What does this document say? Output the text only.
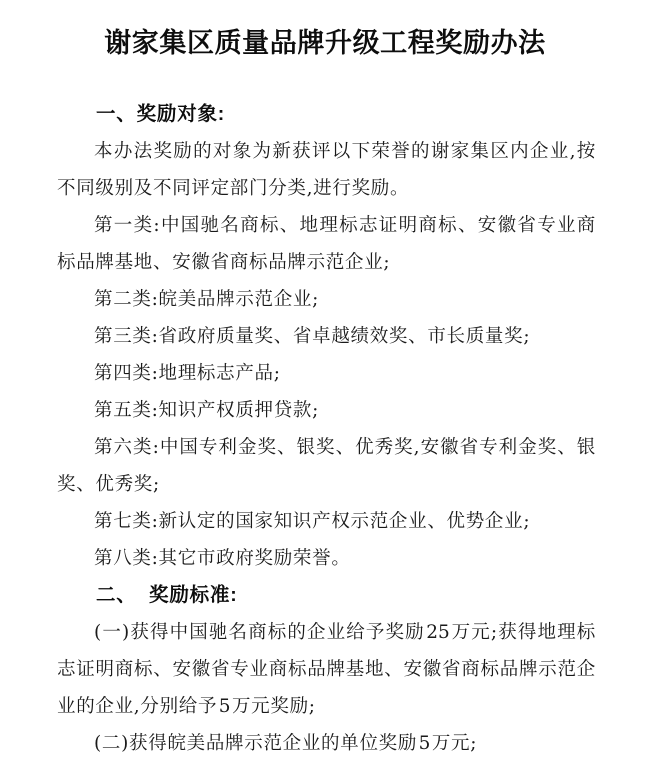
谢家集区质量品牌升级工程奖励办法

一、奖励对象:

本办法奖励的对象为新获评以下荣誉的谢家集区内企业,按不同级别及不同评定部门分类,进行奖励。

第一类:中国驰名商标、地理标志证明商标、安徽省专业商标品牌基地、安徽省商标品牌示范企业;

第二类:皖美品牌示范企业;

第三类:省政府质量奖、省卓越绩效奖、市长质量奖;

第四类:地理标志产品;

第五类:知识产权质押贷款;

第六类:中国专利金奖、银奖、优秀奖,安徽省专利金奖、银奖、优秀奖;

第七类:新认定的国家知识产权示范企业、优势企业;

第八类:其它市政府奖励荣誉。

二、  奖励标准:

(一)获得中国驰名商标的企业给予奖励25万元;获得地理标志证明商标、安徽省专业商标品牌基地、安徽省商标品牌示范企业的企业,分别给予5万元奖励;

(二)获得皖美品牌示范企业的单位奖励5万元;
